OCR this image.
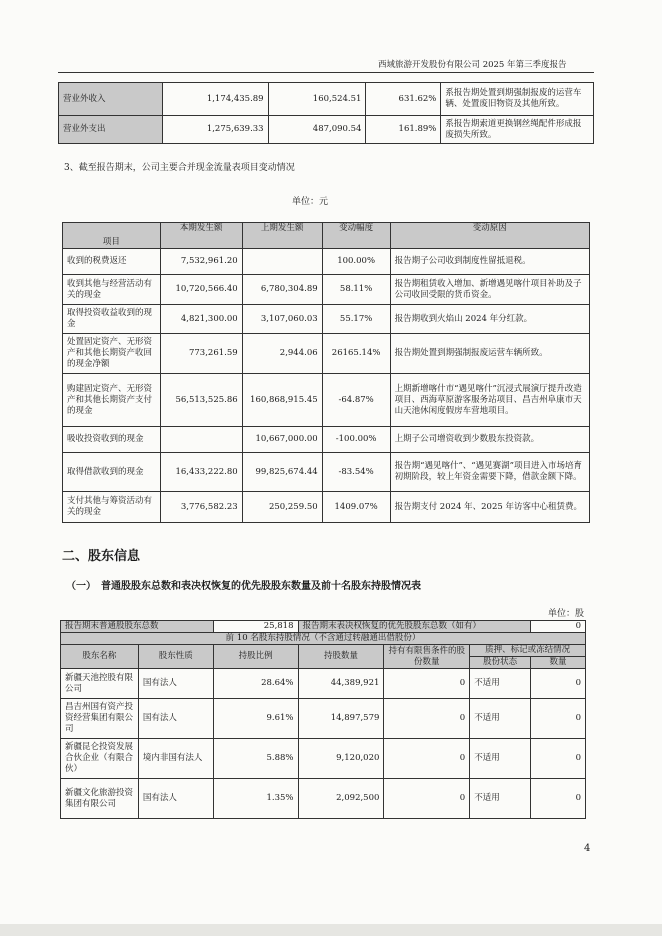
西域旅游开发股份有限公司 2025 年第三季度报告
营业外收入	1,174,435.89	160,524.51	631.62%	系报告期处置到期强制报废的运营车辆、处置废旧物资及其他所致。
营业外支出	1,275,639.33	487,090.54	161.89%	系报告期索道更换钢丝绳配件形成报废损失所致。
3、截至报告期末，公司主要合并现金流量表项目变动情况
单位：元
项目	本期发生额	上期发生额	变动幅度	变动原因
收到的税费返还	7,532,961.20		100.00%	报告期子公司收到制度性留抵退税。
收到其他与经营活动有关的现金	10,720,566.40	6,780,304.89	58.11%	报告期租赁收入增加、新增遇见喀什项目补助及子公司收回受限的货币资金。
取得投资收益收到的现金	4,821,300.00	3,107,060.03	55.17%	报告期收到火焰山 2024 年分红款。
处置固定资产、无形资产和其他长期资产收回的现金净额	773,261.59	2,944.06	26165.14%	报告期处置到期强制报废运营车辆所致。
购建固定资产、无形资产和其他长期资产支付的现金	56,513,525.86	160,868,915.45	-64.87%	上期新增喀什市“遇见喀什”沉浸式展演厅提升改造项目、西海草原游客服务站项目、昌吉州阜康市天山天池休闲度假房车营地项目。
吸收投资收到的现金		10,667,000.00	-100.00%	上期子公司增资收到少数股东投资款。
取得借款收到的现金	16,433,222.80	99,825,674.44	-83.54%	报告期“遇见喀什”、“遇见赛湖”项目进入市场培育初期阶段，较上年资金需要下降，借款金额下降。
支付其他与筹资活动有关的现金	3,776,582.23	250,259.50	1409.07%	报告期支付 2024 年、2025 年访客中心租赁费。
二、股东信息
（一）　普通股股东总数和表决权恢复的优先股股东数量及前十名股东持股情况表
单位：股
报告期末普通股股东总数		25,818	报告期末表决权恢复的优先股股东总数（如有）			0
前 10 名股东持股情况（不含通过转融通出借股份）						
股东名称	股东性质	持股比例	持股数量	持有有限售条件的股份数量	质押、标记或冻结情况	
					股份状态	数量
新疆天池控股有限公司	国有法人	28.64%	44,389,921	0	不适用	0
昌吉州国有资产投资经营集团有限公司	国有法人	9.61%	14,897,579	0	不适用	0
新疆昆仑投资发展合伙企业（有限合伙）	境内非国有法人	5.88%	9,120,020	0	不适用	0
新疆文化旅游投资集团有限公司	国有法人	1.35%	2,092,500	0	不适用	0
4
